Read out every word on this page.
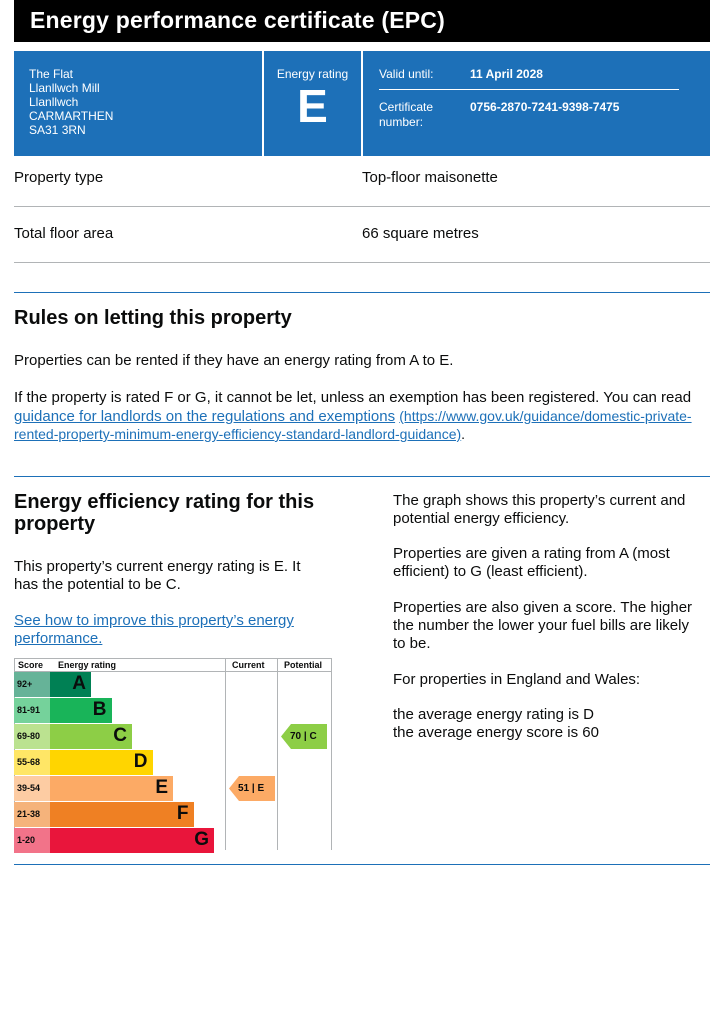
Energy performance certificate (EPC)
The Flat
Llanllwch Mill
Llanllwch
CARMARTHEN
SA31 3RN
Energy rating
E
Valid until:	11 April 2028
Certificate
number:
0756-2870-7241-9398-7475
Property type	Top-floor maisonette
Total floor area	66 square metres
Rules on letting this property

Properties can be rented if they have an energy rating from A to E.

If the property is rated F or G, it cannot be let, unless an exemption has been registered. You can read

guidance for landlords on the regulations and exemptions (https://www.gov.uk/guidance/domestic-private-

rented-property-minimum-energy-efficiency-standard-landlord-guidance).

Energy efficiency rating for this
property

This property’s current energy rating is E. It

has the potential to be C.

See how to improve this property’s energy

performance.

The graph shows this property’s current and

potential energy efficiency.

Properties are given a rating from A (most

efficient) to G (least efficient).

Properties are also given a score. The higher

the number the lower your fuel bills are likely

to be.

For properties in England and Wales:

the average energy rating is D

the average energy score is 60

Score Energy rating	Current Potential
92+	A
81-91	B
69-80	C
55-68	D
39-54	E
21-38	F
1-20	G
51 | E
70 | C
